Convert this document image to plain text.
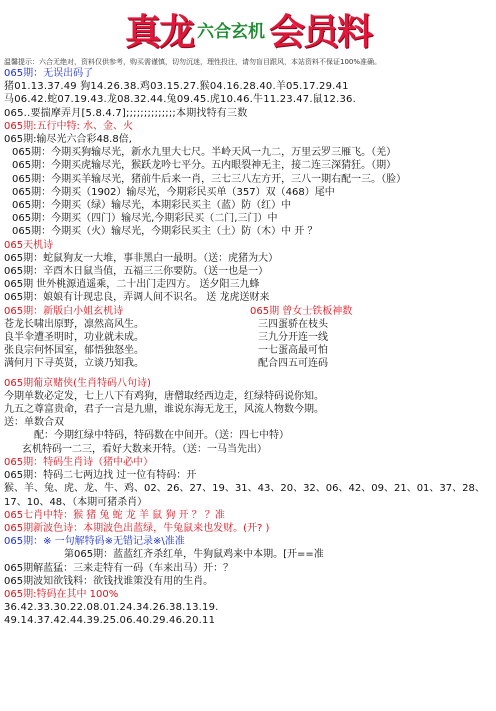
真龙 六合玄机 会员料
温馨提示：六合无绝对，资料仅供参考，购买需谨慎，切勿沉迷，理性投注，请勿盲目跟风，本站资料不保证100%准确。
065期：无误出码了
猪01.13.37.49 狗14.26.38.鸡03.15.27.猴04.16.28.40.羊05.17.29.41
马06.42.蛇07.19.43.龙08.32.44.兔09.45.虎10.46.牛11.23.47.鼠12.36.
065..要揣摩弄月[5.8.4.7];;;;;;;;;;;;;;本期找特有三数
065期:五行中特: 水、金、火
065期:输尽光六合彩48.8倍,
065期：今期买狗输尽光，新水九里大七尺。半岭天风一九二，万里云罗三雁飞。（羌）
065期：今期买虎输尽光，猴跃龙吟七平分。五内眼裂神无主，接二连三深猜狂。（期）
065期：今期买羊输尽光，猪前牛后来一肖，三七三八左方开，三八一期右配一三。（脸）
065期：今期买（1902）输尽光，今期彩民买单（357）双（468）尾中
065期：今期买（绿）输尽光，本期彩民买主（蓝）防（红）中
065期：今期买（四门）输尽光,今期彩民买（二门,三门）中
065期：今期买（火）输尽光，今期彩民买主（土）防（木）中 开 ？
065天机诗
065期：蛇鼠狗友一大堆，事非黑白一最明。（送：虎猪为大）
065期：辛酉木日鼠当值，五福三三你要防。（送一也是一）
065期 世外桃源逍遥乘，二十出门走四方。 送夕阳三九蜂
065期：娘娘有计现忠良，弄调人间不识名。 送 龙虎送财来
065期：新版白小姐玄机诗
苍龙长啸出原野，凛然高风生。
良半伞遭圣明时，功业就未成。
张良宗何怀国室，郁悟独怒坐。
满何月下寻英贤，立谈乃知我。
065期 曾女士铁板神数
三四蛋骄在枝头
三九分开连一线
一七蛋高最可怕
配合四五可连码
065期葡京赌侠(生肖特码八句诗)
今期单数必定发，七上八下有鸡狗，唐僧取经西边走，红绿特码说你知。
九五之尊富贵命，君子一言是九鼎，谁说东海无龙王，风流人物数今期。
送：单数合双
配：今期红绿中特码，特码数在中间开。（送：四七中特）
玄机特码一二三，看好大数来开特。（送：一马当先出）
065期：特码生肖诗（猪中必中）
065期：特码二七两边找 过一位有特码：开
猴、羊、兔、虎、龙、牛、鸡、02、26、27、19、31、43、20、32、06、42、09、21、01、37、28、
17、10、48、（本期可猪杀肖）
065七肖中特：猴 猪 兔 蛇 龙 羊 鼠 狗 开 ？ ？准
065期新波色诗：本期波色出蓝绿，牛兔鼠来也发财。(开? )
065期：※ 一句解特码※无错记录※\准准
第065期：蓝蓝红齐杀红单，牛狗鼠鸡来中本期。[开==准
065期解蓝猛：三来走特有一码（车来出马）开：？
065期波知欲钱料：欲钱找谁策没有用的生肖。
065期:特码在其中 100%
36.42.33.30.22.08.01.24.34.26.38.13.19.
49.14.37.42.44.39.25.06.40.29.46.20.11
